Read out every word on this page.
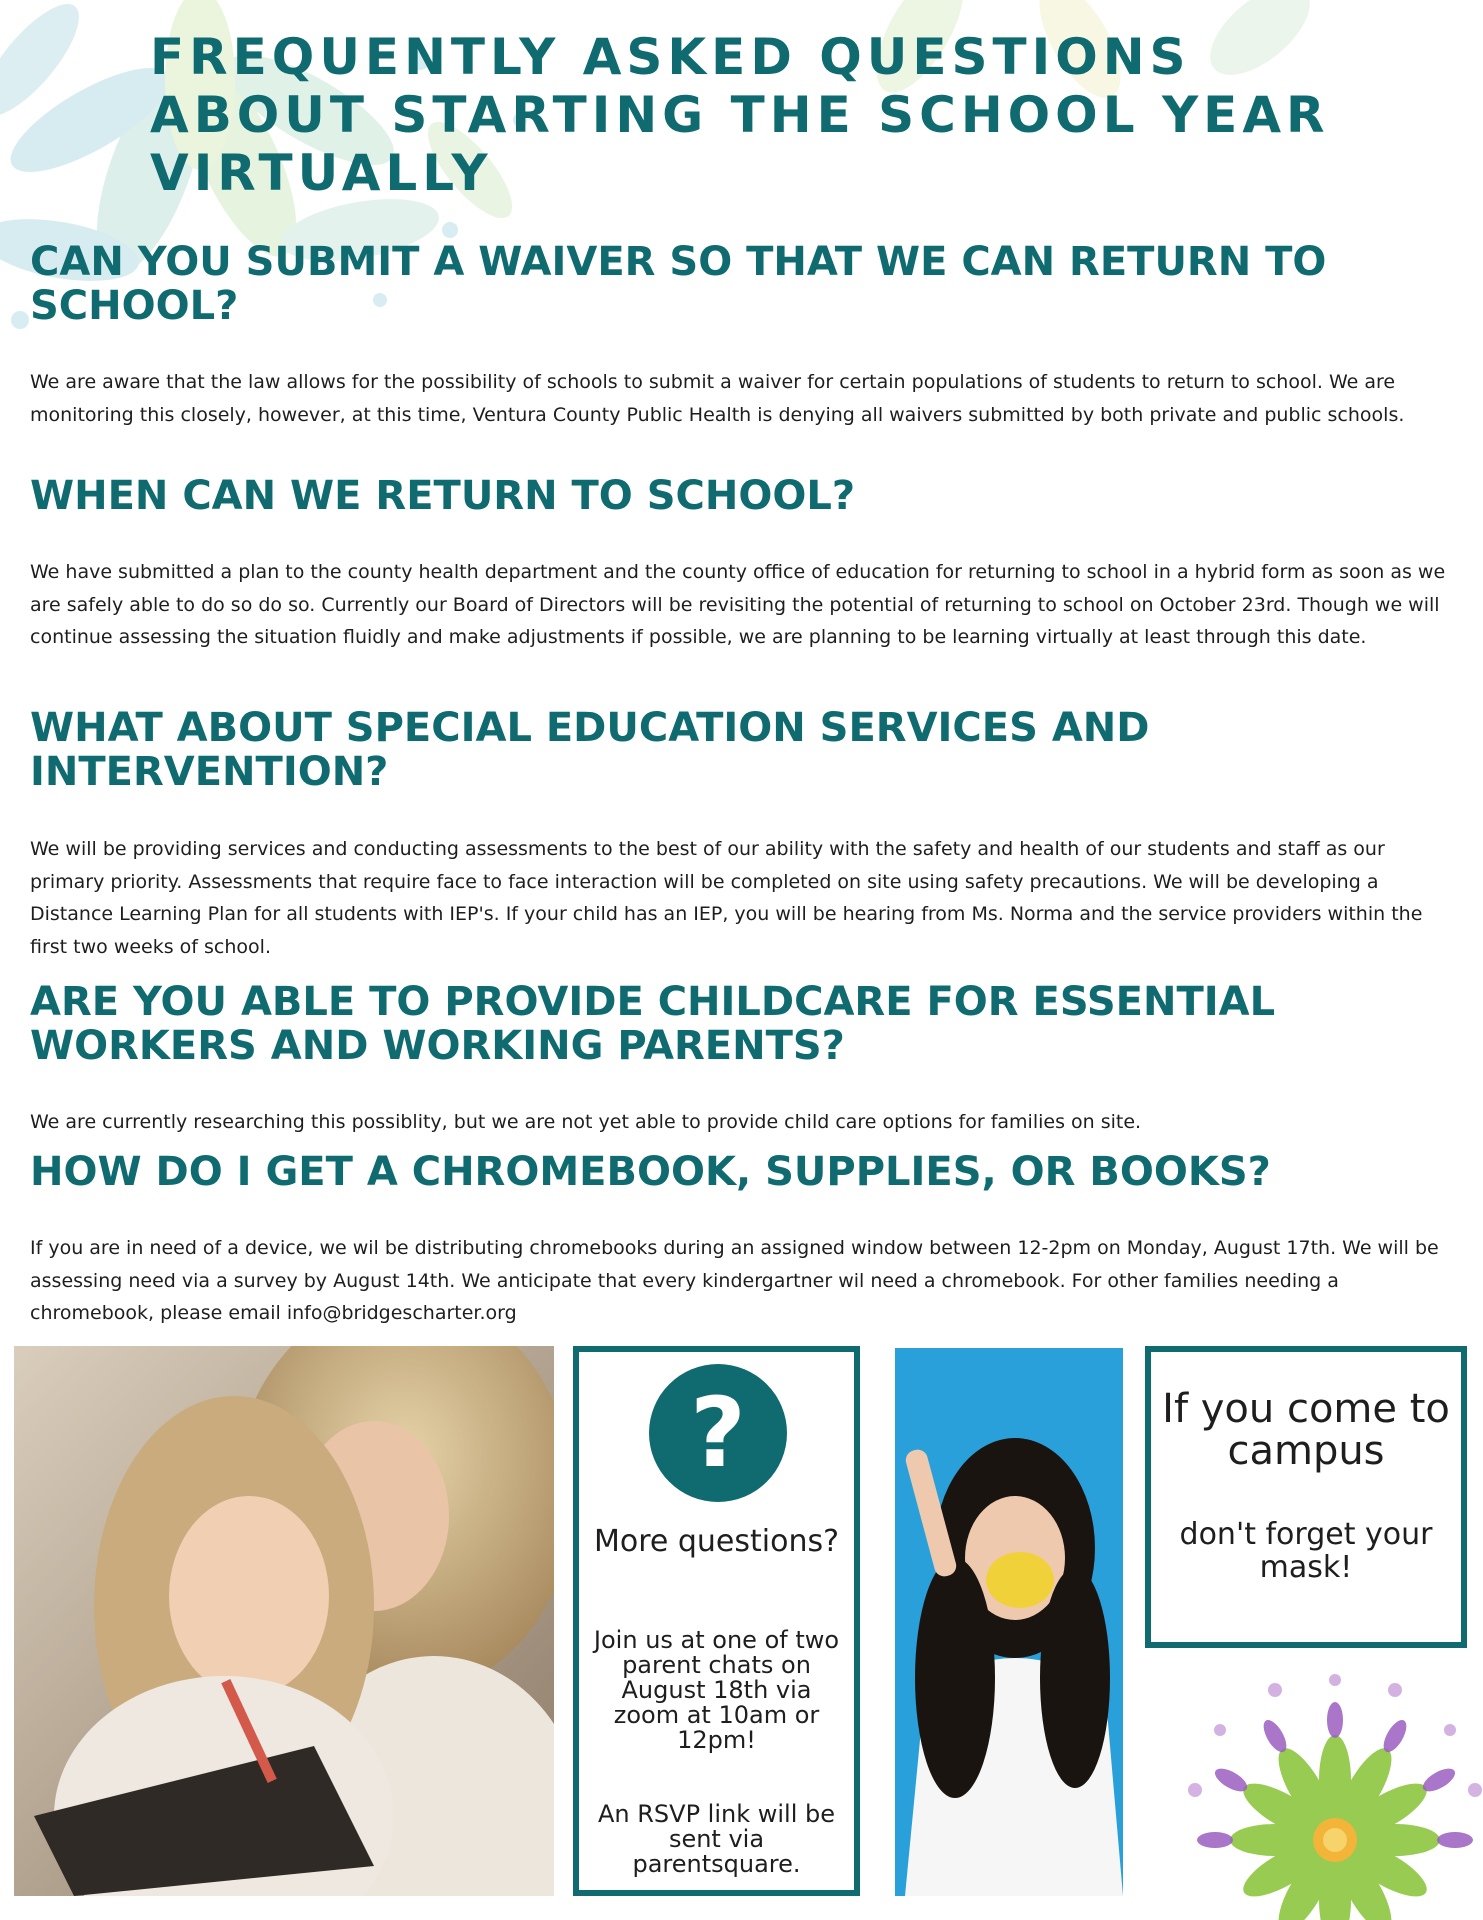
FREQUENTLY ASKED QUESTIONS ABOUT STARTING THE SCHOOL YEAR VIRTUALLY
CAN YOU SUBMIT A WAIVER SO THAT WE CAN RETURN TO SCHOOL?

We are aware that the law allows for the possibility of schools to submit a waiver for certain populations of students to return to school. We are monitoring this closely, however, at this time, Ventura County Public Health is denying all waivers submitted by both private and public schools.

WHEN CAN WE RETURN TO SCHOOL?

We have submitted a plan to the county health department and the county office of education for returning to school in a hybrid form as soon as we are safely able to do so do so. Currently our Board of Directors will be revisiting the potential of returning to school on October 23rd. Though we will continue assessing the situation fluidly and make adjustments if possible, we are planning to be learning virtually at least through this date.

WHAT ABOUT SPECIAL EDUCATION SERVICES AND INTERVENTION?

We will be providing services and conducting assessments to the best of our ability with the safety and health of our students and staff as our primary priority. Assessments that require face to face interaction will be completed on site using safety precautions. We will be developing a Distance Learning Plan for all students with IEP's. If your child has an IEP, you will be hearing from Ms. Norma and the service providers within the first two weeks of school.

ARE YOU ABLE TO PROVIDE CHILDCARE FOR ESSENTIAL WORKERS AND WORKING PARENTS?

We are currently researching this possiblity, but we are not yet able to provide child care options for families on site.

HOW DO I GET A CHROMEBOOK, SUPPLIES, OR BOOKS?

If you are in need of a device, we wil be distributing chromebooks during an assigned window between 12-2pm on Monday, August 17th. We will be assessing need via a survey by August 14th. We anticipate that every kindergartner wil need a chromebook. For other families needing a chromebook, please email info@bridgescharter.org

?

More questions?

Join us at one of two parent chats on August 18th via zoom at 10am or 12pm!

An RSVP link will be sent via parentsquare.

If you come to campus

don't forget your mask!
